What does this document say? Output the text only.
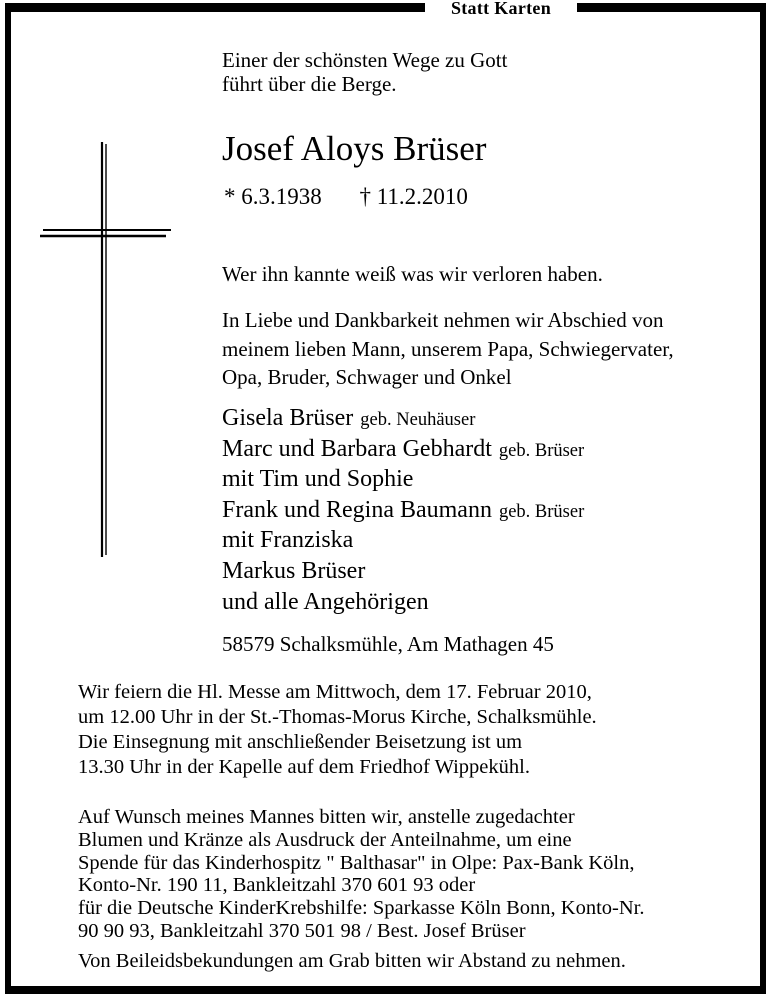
Statt Karten
Einer der schönsten Wege zu Gott
führt über die Berge.
Josef Aloys Brüser
* 6.3.1938 † 11.2.2010
Wer ihn kannte weiß was wir verloren haben.
In Liebe und Dankbarkeit nehmen wir Abschied von
meinem lieben Mann, unserem Papa, Schwiegervater,
Opa, Bruder, Schwager und Onkel
Gisela Brüser geb. Neuhäuser
Marc und Barbara Gebhardt geb. Brüser
mit Tim und Sophie
Frank und Regina Baumann geb. Brüser
mit Franziska
Markus Brüser
und alle Angehörigen
58579 Schalksmühle, Am Mathagen 45
Wir feiern die Hl. Messe am Mittwoch, dem 17. Februar 2010,
um 12.00 Uhr in der St.-Thomas-Morus Kirche, Schalksmühle.
Die Einsegnung mit anschließender Beisetzung ist um
13.30 Uhr in der Kapelle auf dem Friedhof Wippekühl.
Auf Wunsch meines Mannes bitten wir, anstelle zugedachter
Blumen und Kränze als Ausdruck der Anteilnahme, um eine
Spende für das Kinderhospitz " Balthasar" in Olpe: Pax-Bank Köln,
Konto-Nr. 190 11, Bankleitzahl 370 601 93 oder
für die Deutsche KinderKrebshilfe: Sparkasse Köln Bonn, Konto-Nr.
90 90 93, Bankleitzahl 370 501 98 / Best. Josef Brüser
Von Beileidsbekundungen am Grab bitten wir Abstand zu nehmen.
